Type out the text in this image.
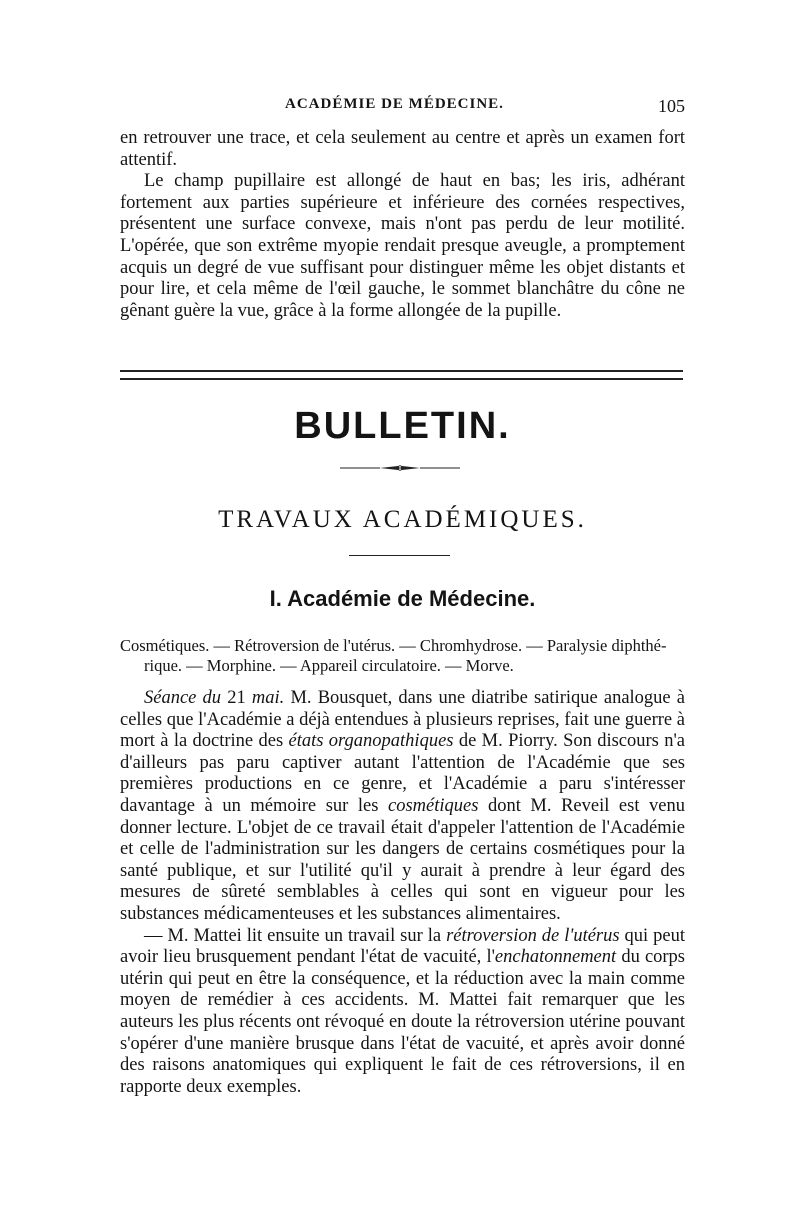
ACADÉMIE DE MÉDECINE.	105

en retrouver une trace, et cela seulement au centre et après un examen fort attentif.

Le champ pupillaire est allongé de haut en bas; les iris, adhérant fortement aux parties supérieure et inférieure des cornées respectives, présentent une surface convexe, mais n'ont pas perdu de leur motilité. L'opérée, que son extrême myopie rendait presque aveugle, a promptement acquis un degré de vue suffisant pour distinguer même les objet distants et pour lire, et cela même de l'œil gauche, le sommet blanchâtre du cône ne gênant guère la vue, grâce à la forme allongée de la pupille.

BULLETIN.
TRAVAUX ACADÉMIQUES.
I. Académie de Médecine.

Cosmétiques. — Rétroversion de l'utérus. — Chromhydrose. — Paralysie diphthé-

rique. — Morphine. — Appareil circulatoire. — Morve.

Séance du 21 mai. M. Bousquet, dans une diatribe satirique analogue à celles que l'Académie a déjà entendues à plusieurs reprises, fait une guerre à mort à la doctrine des états organopathiques de M. Piorry. Son discours n'a d'ailleurs pas paru captiver autant l'attention de l'Académie que ses premières productions en ce genre, et l'Académie a paru s'intéresser davantage à un mémoire sur les cosmétiques dont M. Reveil est venu donner lecture. L'objet de ce travail était d'appeler l'attention de l'Académie et celle de l'administration sur les dangers de certains cosmétiques pour la santé publique, et sur l'utilité qu'il y aurait à prendre à leur égard des mesures de sûreté semblables à celles qui sont en vigueur pour les substances médicamenteuses et les substances alimentaires.

— M. Mattei lit ensuite un travail sur la rétroversion de l'utérus qui peut avoir lieu brusquement pendant l'état de vacuité, l'enchatonnement du corps utérin qui peut en être la conséquence, et la réduction avec la main comme moyen de remédier à ces accidents. M. Mattei fait remarquer que les auteurs les plus récents ont révoqué en doute la rétroversion utérine pouvant s'opérer d'une manière brusque dans l'état de vacuité, et après avoir donné des raisons anatomiques qui expliquent le fait de ces rétroversions, il en rapporte deux exemples.
